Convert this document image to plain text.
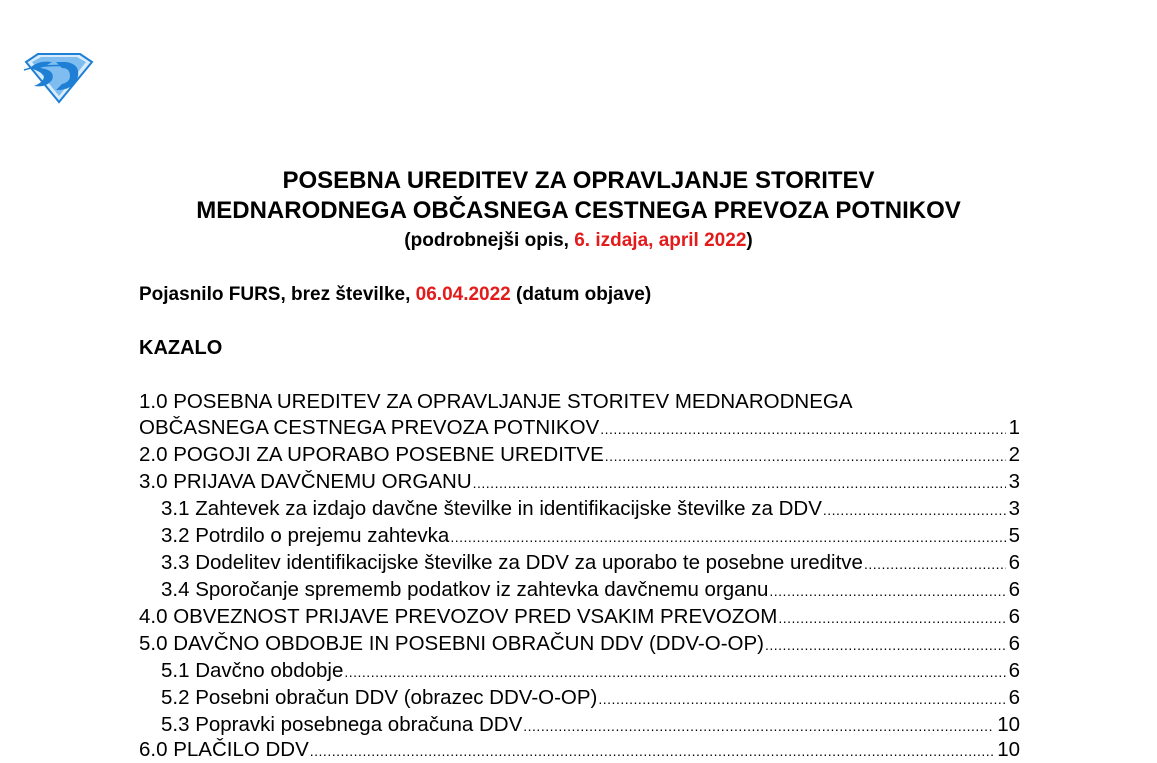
POSEBNA UREDITEV ZA OPRAVLJANJE STORITEV
MEDNARODNEGA OBČASNEGA CESTNEGA PREVOZA POTNIKOV
(podrobnejši opis, 6. izdaja, april 2022)
Pojasnilo FURS, brez številke, 06.04.2022 (datum objave)
KAZALO
1.0 POSEBNA UREDITEV ZA OPRAVLJANJE STORITEV MEDNARODNEGA
OBČASNEGA CESTNEGA PREVOZA POTNIKOV .....	1
2.0 POGOJI ZA UPORABO POSEBNE UREDITVE .....	2
3.0 PRIJAVA DAVČNEMU ORGANU .....	3
3.1 Zahtevek za izdajo davčne številke in identifikacijske številke za DDV .....	3
3.2 Potrdilo o prejemu zahtevka .....	5
3.3 Dodelitev identifikacijske številke za DDV za uporabo te posebne ureditve .....	6
3.4 Sporočanje sprememb podatkov iz zahtevka davčnemu organu .....	6
4.0 OBVEZNOST PRIJAVE PREVOZOV PRED VSAKIM PREVOZOM .....	6
5.0 DAVČNO OBDOBJE IN POSEBNI OBRAČUN DDV (DDV-O-OP) .....	6
5.1 Davčno obdobje .....	6
5.2 Posebni obračun DDV (obrazec DDV-O-OP) .....	6
5.3 Popravki posebnega obračuna DDV .....	10
6.0 PLAČILO DDV .....	10
